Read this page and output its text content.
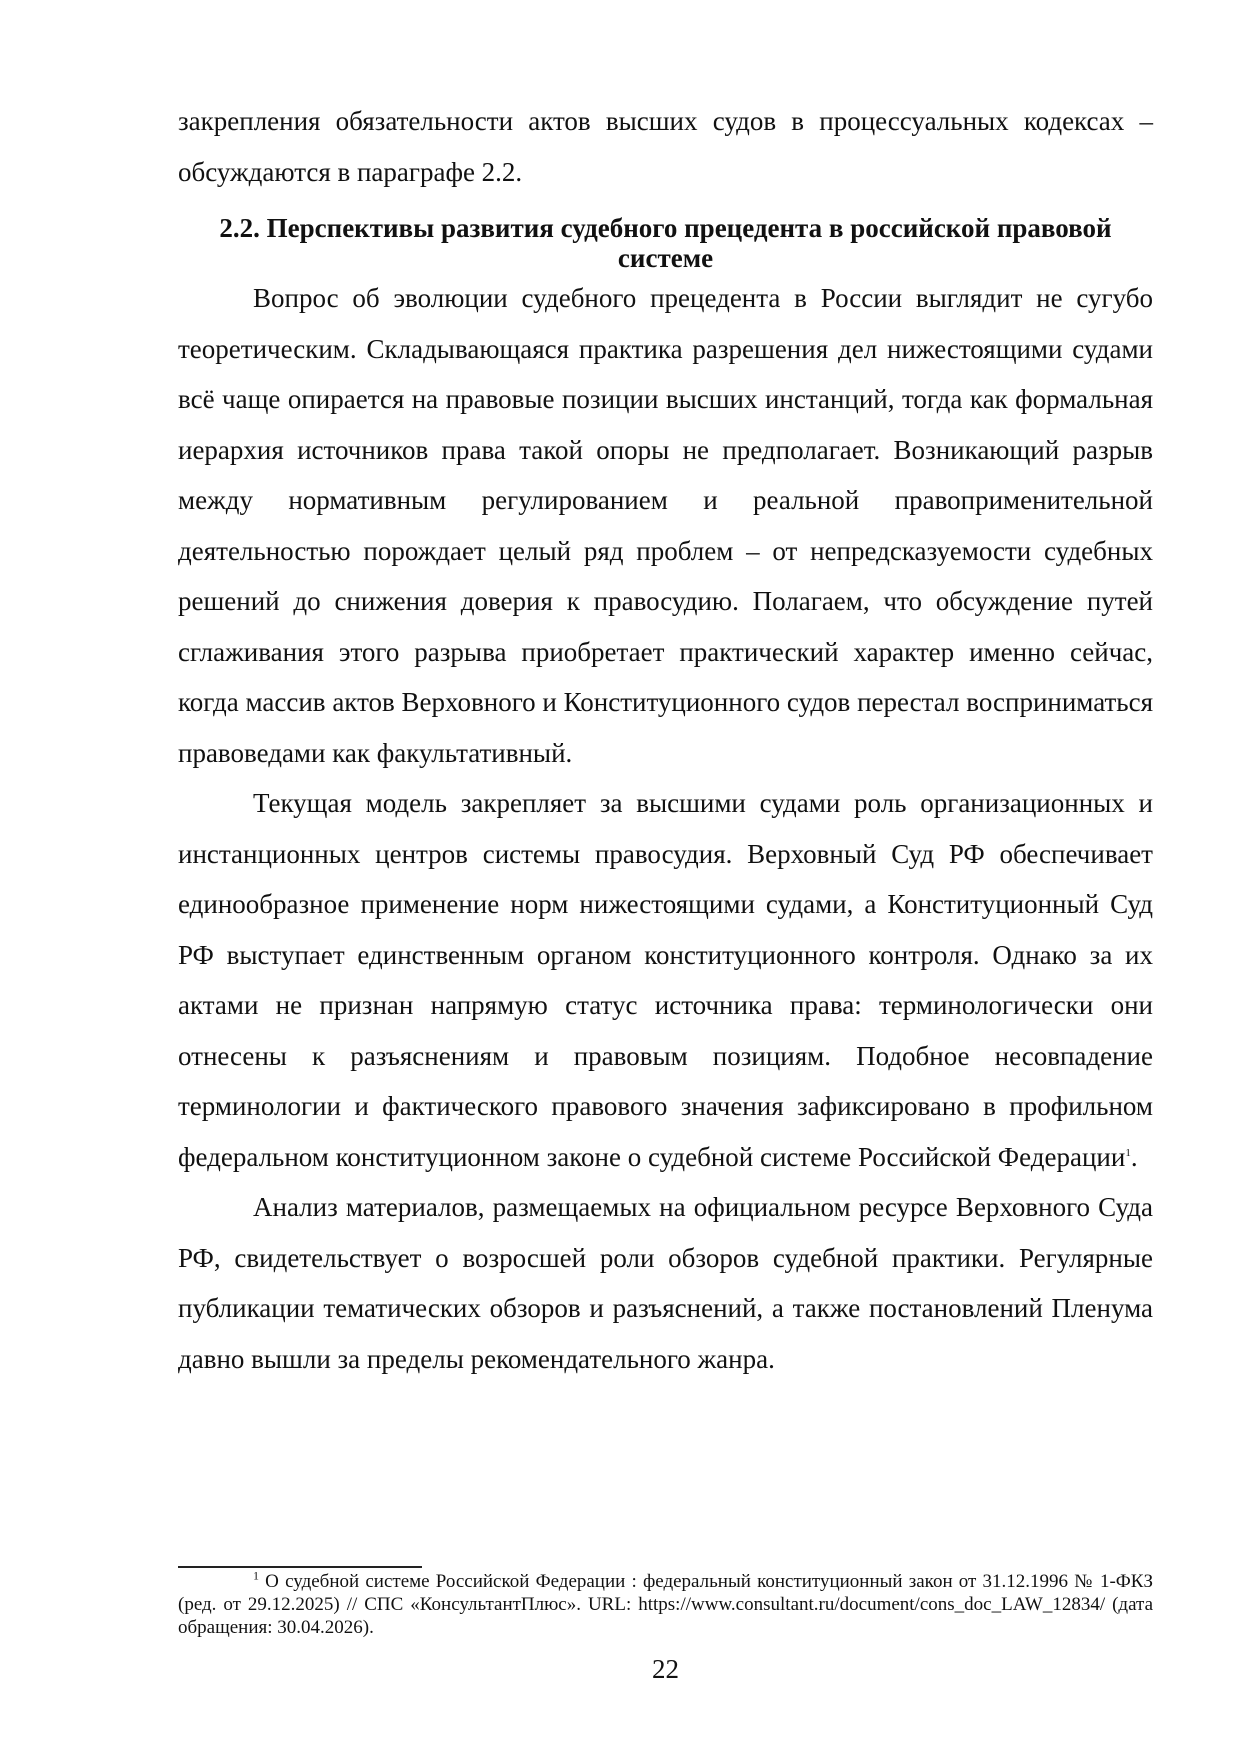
закрепления обязательности актов высших судов в процессуальных кодексах – обсуждаются в параграфе 2.2.

2.2. Перспективы развития судебного прецедента в российской правовой
системе

Вопрос об эволюции судебного прецедента в России выглядит не сугубо теоретическим. Складывающаяся практика разрешения дел нижестоящими судами всё чаще опирается на правовые позиции высших инстанций, тогда как формальная иерархия источников права такой опоры не предполагает. Возникающий разрыв между нормативным регулированием и реальной правоприменительной деятельностью порождает целый ряд проблем – от непредсказуемости судебных решений до снижения доверия к правосудию. Полагаем, что обсуждение путей сглаживания этого разрыва приобретает практический характер именно сейчас, когда массив актов Верховного и Конституционного судов перестал восприниматься правоведами как факультативный.

Текущая модель закрепляет за высшими судами роль организационных и инстанционных центров системы правосудия. Верховный Суд РФ обеспечивает единообразное применение норм нижестоящими судами, а Конституционный Суд РФ выступает единственным органом конституционного контроля. Однако за их актами не признан напрямую статус источника права: терминологически они отнесены к разъяснениям и правовым позициям. Подобное несовпадение терминологии и фактического правового значения зафиксировано в профильном федеральном конституционном законе о судебной системе Российской Федерации$^1$.

Анализ материалов, размещаемых на официальном ресурсе Верховного Суда РФ, свидетельствует о возросшей роли обзоров судебной практики. Регулярные публикации тематических обзоров и разъяснений, а также постановлений Пленума давно вышли за пределы рекомендательного жанра.

$^1$ О судебной системе Российской Федерации : федеральный конституционный закон от 31.12.1996 № 1-ФКЗ (ред. от 29.12.2025) // СПС «КонсультантПлюс». URL: https://www.consultant.ru/document/cons_doc_LAW_12834/ (дата обращения: 30.04.2026).

22
